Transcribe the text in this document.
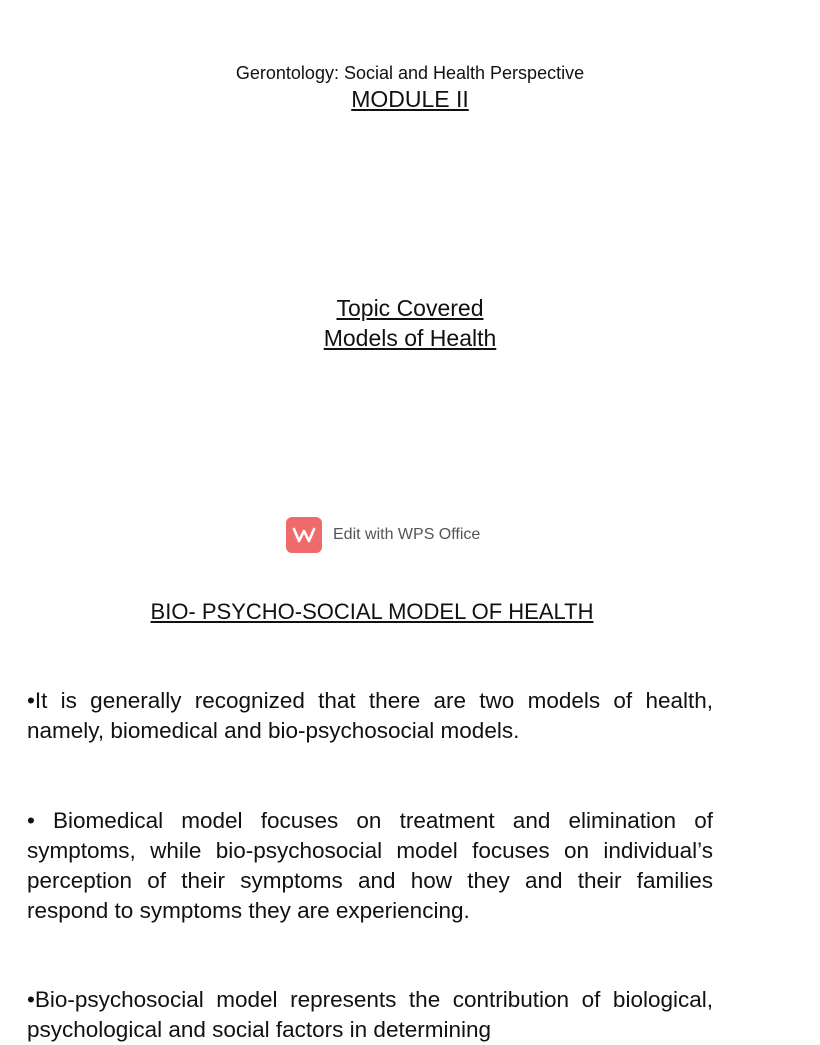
Gerontology: Social and Health Perspective
MODULE II
Topic Covered
Models of Health
Edit with WPS Office
BIO- PSYCHO-SOCIAL MODEL OF HEALTH
•It is generally recognized that there are two models of health, namely, biomedical and bio-psychosocial models.
• Biomedical model focuses on treatment and elimination of symptoms, while bio-psychosocial model focuses on individual’s perception of their symptoms and how they and their families respond to symptoms they are experiencing.
•Bio-psychosocial model represents the contribution of biological, psychological and social factors in determining
